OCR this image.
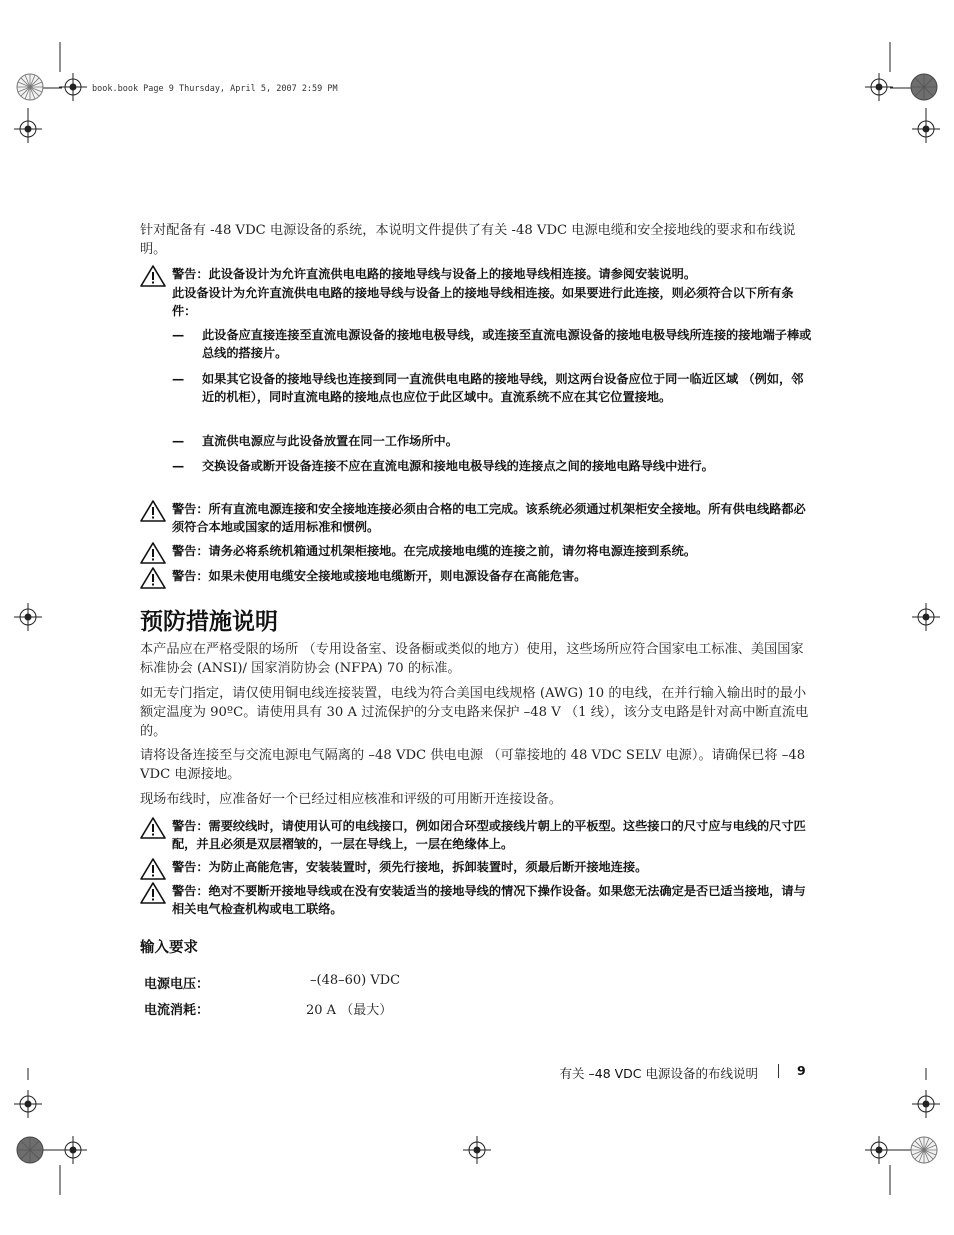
book.book Page 9 Thursday, April 5, 2007 2:59 PM
针对配备有 -48 VDC 电源设备的系统，本说明文件提供了有关 -48 VDC 电源电缆和安全接地线的要求和布线说明。
警告：此设备设计为允许直流供电电路的接地导线与设备上的接地导线相连接。请参阅安装说明。
此设备设计为允许直流供电电路的接地导线与设备上的接地导线相连接。如果要进行此连接，则必须符合以下所有条件：
—	此设备应直接连接至直流电源设备的接地电极导线，或连接至直流电源设备的接地电极导线所连接的接地端子棒或总线的搭接片。
—	如果其它设备的接地导线也连接到同一直流供电电路的接地导线，则这两台设备应位于同一临近区域 （例如，邻近的机柜），同时直流电路的接地点也应位于此区域中。直流系统不应在其它位置接地。
—	直流供电源应与此设备放置在同一工作场所中。
—	交换设备或断开设备连接不应在直流电源和接地电极导线的连接点之间的接地电路导线中进行。
警告：所有直流电源连接和安全接地连接必须由合格的电工完成。该系统必须通过机架柜安全接地。所有供电线路都必须符合本地或国家的适用标准和惯例。
警告：请务必将系统机箱通过机架柜接地。在完成接地电缆的连接之前，请勿将电源连接到系统。
警告：如果未使用电缆安全接地或接地电缆断开，则电源设备存在高能危害。
预防措施说明
本产品应在严格受限的场所 （专用设备室、设备橱或类似的地方）使用，这些场所应符合国家电工标准、美国国家标准协会 (ANSI)/ 国家消防协会 (NFPA) 70 的标准。
如无专门指定，请仅使用铜电线连接装置，电线为符合美国电线规格 (AWG) 10 的电线，在并行输入输出时的最小额定温度为 90ºC。请使用具有 30 A 过流保护的分支电路来保护 –48 V （1 线），该分支电路是针对高中断直流电的。
请将设备连接至与交流电源电气隔离的 –48 VDC 供电电源 （可靠接地的 48 VDC SELV 电源）。请确保已将 –48 VDC 电源接地。
现场布线时，应准备好一个已经过相应核准和评级的可用断开连接设备。
警告：需要绞线时，请使用认可的电线接口，例如闭合环型或接线片朝上的平板型。这些接口的尺寸应与电线的尺寸匹配，并且必须是双层褶皱的，一层在导线上，一层在绝缘体上。
警告：为防止高能危害，安装装置时，须先行接地，拆卸装置时，须最后断开接地连接。
警告：绝对不要断开接地导线或在没有安装适当的接地导线的情况下操作设备。如果您无法确定是否已适当接地，请与相关电气检查机构或电工联络。
输入要求
电源电压：	–(48–60) VDC
电流消耗：	20 A （最大）
有关 –48 VDC 电源设备的布线说明	9
